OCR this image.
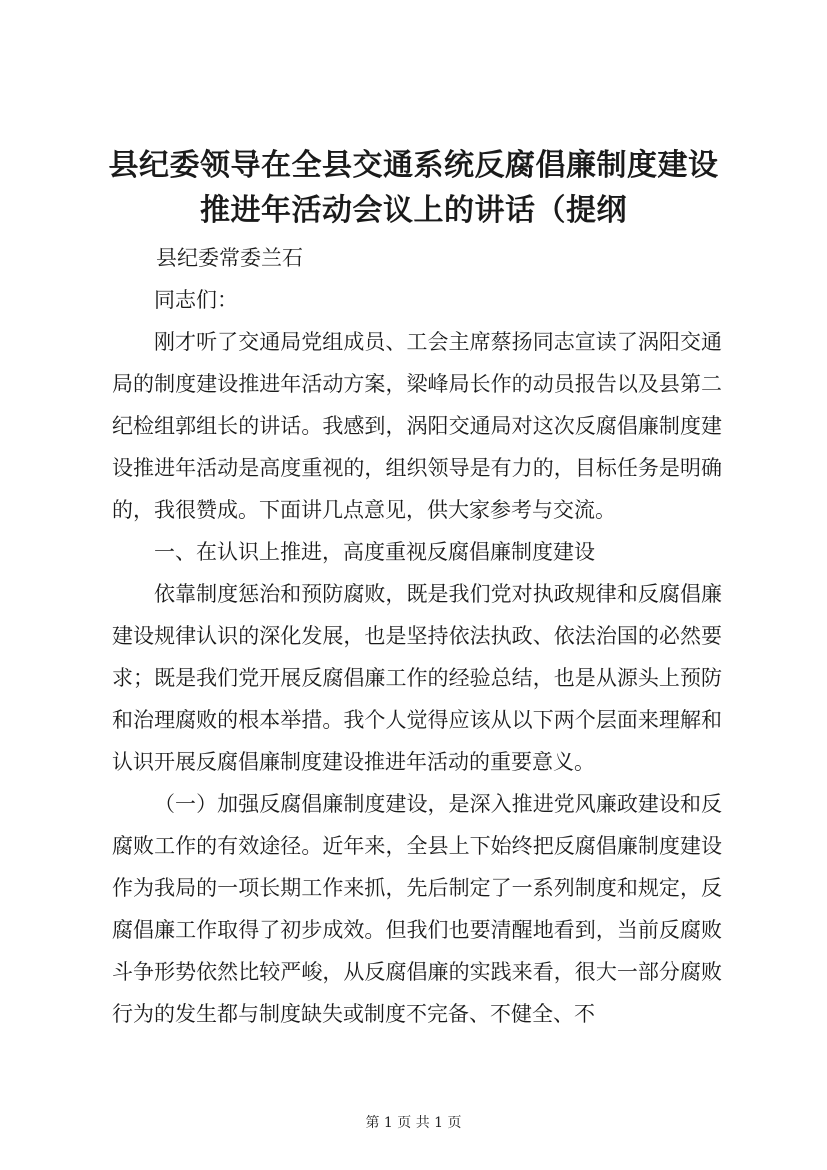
县纪委领导在全县交通系统反腐倡廉制度建设
推进年活动会议上的讲话（提纲

县纪委常委兰石

同志们：

刚才听了交通局党组成员、工会主席蔡扬同志宣读了涡阳交通局的制度建设推进年活动方案，梁峰局长作的动员报告以及县第二纪检组郭组长的讲话。我感到，涡阳交通局对这次反腐倡廉制度建设推进年活动是高度重视的，组织领导是有力的，目标任务是明确的，我很赞成。下面讲几点意见，供大家参考与交流。

一、在认识上推进，高度重视反腐倡廉制度建设

依靠制度惩治和预防腐败，既是我们党对执政规律和反腐倡廉建设规律认识的深化发展，也是坚持依法执政、依法治国的必然要求；既是我们党开展反腐倡廉工作的经验总结，也是从源头上预防和治理腐败的根本举措。我个人觉得应该从以下两个层面来理解和认识开展反腐倡廉制度建设推进年活动的重要意义。

（一）加强反腐倡廉制度建设，是深入推进党风廉政建设和反腐败工作的有效途径。近年来，全县上下始终把反腐倡廉制度建设作为我局的一项长期工作来抓，先后制定了一系列制度和规定，反腐倡廉工作取得了初步成效。但我们也要清醒地看到，当前反腐败斗争形势依然比较严峻，从反腐倡廉的实践来看，很大一部分腐败行为的发生都与制度缺失或制度不完备、不健全、不

第 1 页 共 1 页
